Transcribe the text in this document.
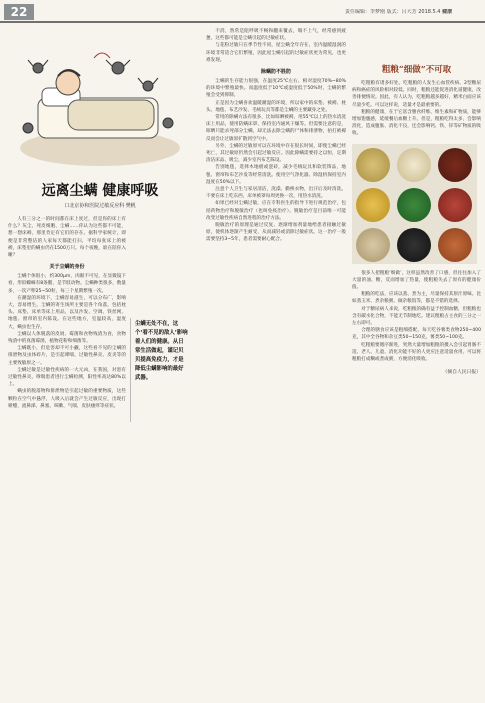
22	责任编辑：李梦刚 版式：吕大芳 2018.5.4 健康
远离尘螨 健康呼吸
口北京协和医院过敏反应科 樊帆

人有三分之一的时间都在床上度过，但是你的床上有什么？灰尘、死皮细胞、尘螨……你认为这些都不可能，想一想床褥，那里肯定有它们的存在。据科学家统计，即便是非常整洁的人家每天都能打扫，平均每张床上的被褥，床垫里的螨虫仍在1500万只。每个夜晚，谁在陪你入睡？

关于尘螨的身份

尘螨个体很小，约300μm，肉眼不可见，在显微镜下看，形似蜘蛛有8条腿，是节肢动物。尘螨种类很多，数量多，一次产卵25~50粒，每三个星期繁殖一次。

在潮湿的环境下，尘螨容易滋生，可以分布广，影响大，容易增生。尘螨的寄生场所主要是各个角落，包括枕头、床垫、床单等床上用品，以及沙发、空调、铁丝网、地毯、窗帘的室内陈设。在这些地方，室温较高，湿度大，螨虫也生存。

尘螨以人体脱落的皮屑、霉菌和食物残渣为食，食物残渣中的真菌霉菌，植物花粉和细菌等。

尘螨既小，但危害却不可小觑，这些看不见的尘螨的排泄物及虫体碎片，是引起哮喘、过敏性鼻炎、皮炎等的主要致敏原之一。

尘螨过敏是过敏性疾病的一大元凶，在我国，对患有过敏性鼻炎、哮喘患者进行尘螨检测，阳性率高达80%以上。

螨虫的脱落物和排泄物是引起过敏的重要物质，这些颗粒在空气中悬浮，人吸入后就会产生过敏反应，出现打喷嚏、流鼻涕、鼻塞、咳嗽、气喘、皮肤瘙痒等症状。

尘螨无处不在，这个‘看不见的敌人’影响着人们的健康。从日常生活做起，谨记贝贝提高免疫力，才是降低尘螨影响的最好武器。

不消，然常是阻呼吸不畅和翻来覆去，喘不上气，经常感到疲惫，这些都可能是尘螨引起的过敏症状。

与花粉过敏只在季节性不同，屋尘螨全年存在，室内温暖湿润的环境非常适合它们繁殖，因此屋尘螨引起的过敏症状更为常见，也更难发现。

除螨防不胜防

尘螨的生存能力很强，在温度25℃左右、相对湿度70%~80%的环境中繁殖最快。而温度低于10℃或湿度低于50%时，尘螨的繁殖会受到抑制。

正是因为尘螨喜欢温暖潮湿的环境，所以家中的床垫、被褥、枕头、地毯、布艺沙发、毛绒玩具等都是尘螨的主要藏身之处。

常用的除螨方法有很多，比如晾晒被褥，用55℃以上的热水清洗床上用品，使用防螨床罩、保持室内通风干燥等。但需要注意的是，晾晒只能杀死部分尘螨，却无法去除尘螨的尸体和排泄物，拍打被褥反而会让过敏原扩散到空气中。

另外，尘螨的过敏原可以在环境中存在很长时间，即使尘螨已经死亡，其过敏原仍然会引起过敏反应。因此除螨需要持之以恒，定期清洁床品、吸尘，减少室内布艺陈设。

告别地毯，选择木地板或瓷砖，减少毛绒玩具和软装饰品，地毯、窗帘和布艺沙发等经常清洗。使用空气净化器、除湿机保持室内湿度在50%以下。

注意个人卫生与家居清洁，洗澡、勤换衣物，出汗后及时清洗。不要在床上吃东西，床单被罩每周更换一次，用热水清洗。

如果已经对尘螨过敏，应在专科医生的指导下进行规范治疗，包括药物治疗和脱敏治疗（也叫免疫治疗）。脱敏治疗是目前唯一可能改变过敏性疾病自然进程的治疗方法。

脱敏治疗的原理是通过反复、逐渐增加剂量地给患者接触过敏原，使机体逐渐产生耐受，从而减轻或消除过敏症状。这一治疗一般需要坚持3~5年，患者需要耐心配合。

粗粮“细做”不可取

吃粗粮有诸多好处。吃粗粮的人发生心血管疾病、2型糖尿病和癌症的风险相对较低。同时，粗粮还能促进消化道健康，改善排便情况。因此，有人认为，吃粗粮越多越好，精米白面应该尽量少吃。可以这样说，适量才是最重要的。

粗粮的健康，在于它富含膳食纤维、维生素和矿物质，能够增加饱腹感，延缓餐后血糖上升。但是，粗粮吃得太多，会影响消化，造成腹胀、消化不良，还会影响钙、铁、锌等矿物质的吸收。

很多人把粗粮‘细做’，这样虽然改善了口感，但往往加入了大量的油、糖，反而增加了热量，使粗粮失去了原有的健康价值。

粗粮的吃法，应该以蒸、煮为主，尽量保持其原汁原味。比如蒸玉米、煮杂粮粥、做杂粮饭等，都是不错的选择。

对于糖尿病人来说，吃粗粮的确有益于控制血糖，但粗粮也含有碳水化合物，不能无节制地吃。建议粗粮占主食的三分之一左右即可。

合理的膳食应该是粗细搭配，每天吃谷薯类食物250~400克，其中全谷物和杂豆类50~150克，薯类50~100克。

吃粗粮要循序渐进，突然大量增加粗粮的摄入会引起胃肠不适。老人、儿童、消化功能不好的人更应注意适量食用，可以将粗粮打成糊或煮成粥，方便消化吸收。

（摘自人民日报）
